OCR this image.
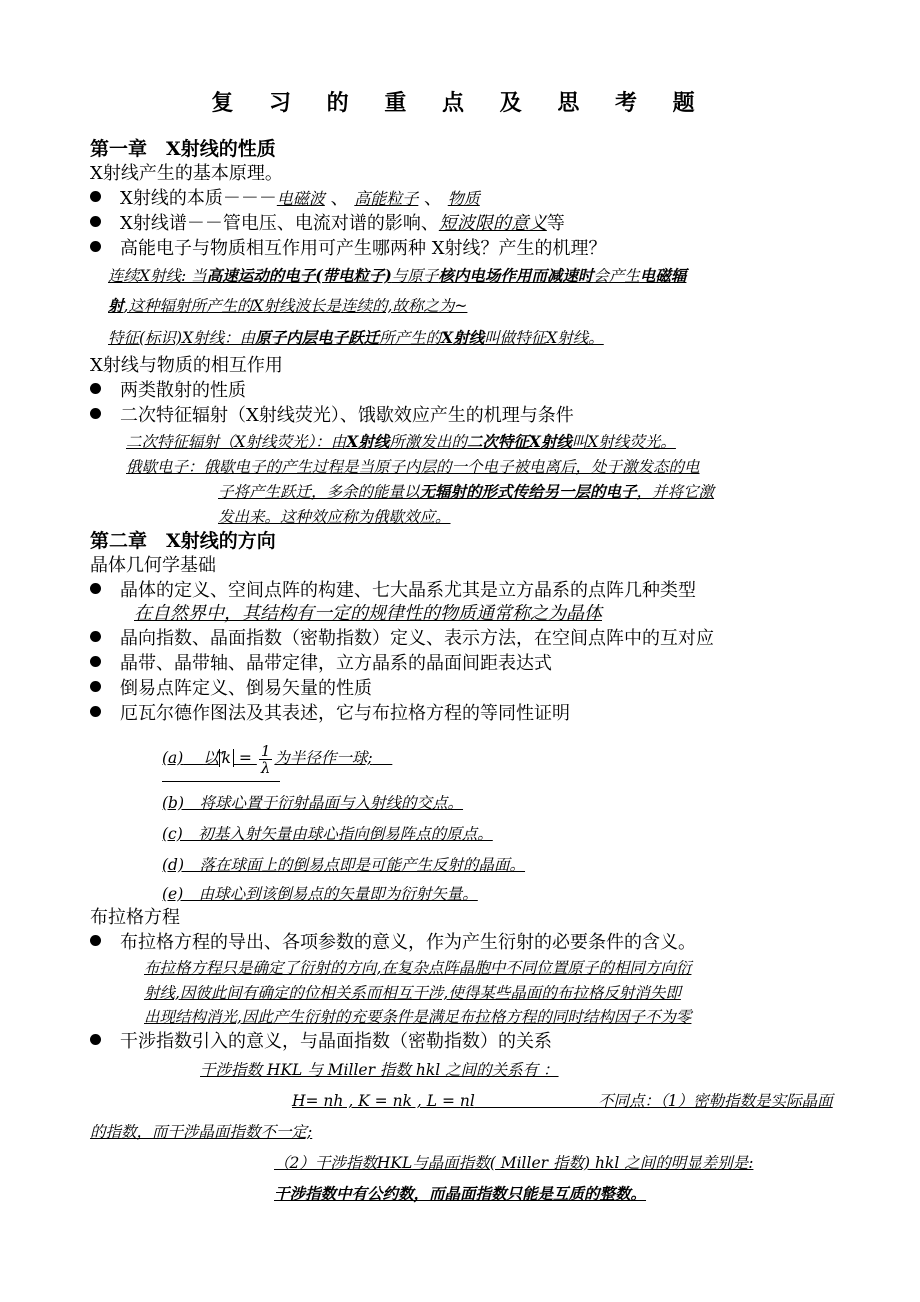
复 习 的 重 点 及 思 考 题
第一章　X射线的性质
X射线产生的基本原理。
X射线的本质－－－电磁波 、 高能粒子 、 物质
X射线谱－－管电压、电流对谱的影响、短波限的意义等
高能电子与物质相互作用可产生哪两种 X射线？产生的机理？
连续X射线: 当高速运动的电子(带电粒子)与原子核内电场作用而减速时会产生电磁辐
射,这种辐射所产生的X射线波长是连续的,故称之为~
特征(标识)X射线：由原子内层电子跃迁所产生的X射线叫做特征X射线。
X射线与物质的相互作用
两类散射的性质
二次特征辐射（X射线荧光）、饿歇效应产生的机理与条件
二次特征辐射（X射线荧光）：由X射线所激发出的二次特征X射线叫X射线荧光。
俄歇电子：俄歇电子的产生过程是当原子内层的一个电子被电离后，处于激发态的电
子将产生跃迁，多余的能量以无辐射的形式传给另一层的电子，并将它激
发出来。这种效应称为俄歇效应。
第二章　X射线的方向
晶体几何学基础
晶体的定义、空间点阵的构建、七大晶系尤其是立方晶系的点阵几种类型
在自然界中，其结构有一定的规律性的物质通常称之为晶体
晶向指数、晶面指数（密勒指数）定义、表示方法，在空间点阵中的互对应
晶带、晶带轴、晶带定律，立方晶系的晶面间距表达式
倒易点阵定义、倒易矢量的性质
厄瓦尔德作图法及其表述，它与布拉格方程的等同性证明
(a) 以 $k = \frac{1}{\lambda}$ 为半径作一球;
(b)　将球心置于衍射晶面与入射线的交点。
(c)　初基入射矢量由球心指向倒易阵点的原点。
(d)　落在球面上的倒易点即是可能产生反射的晶面。
(e)　由球心到该倒易点的矢量即为衍射矢量。
布拉格方程
布拉格方程的导出、各项参数的意义，作为产生衍射的必要条件的含义。
布拉格方程只是确定了衍射的方向,在复杂点阵晶胞中不同位置原子的相同方向衍
射线,因彼此间有确定的位相关系而相互干涉,使得某些晶面的布拉格反射消失即
出现结构消光,因此产生衍射的充要条件是满足布拉格方程的同时结构因子不为零
干涉指数引入的意义，与晶面指数（密勒指数）的关系
干涉指数 HKL 与 Miller 指数 hkl 之间的关系有 ：
H= nh , K = nk , L = nl	不同点：（1）密勒指数是实际晶面
的指数，而干涉晶面指数不一定;
（2）干涉指数HKL与晶面指数( Miller 指数) hkl 之间的明显差别是:
干涉指数中有公约数，而晶面指数只能是互质的整数。
